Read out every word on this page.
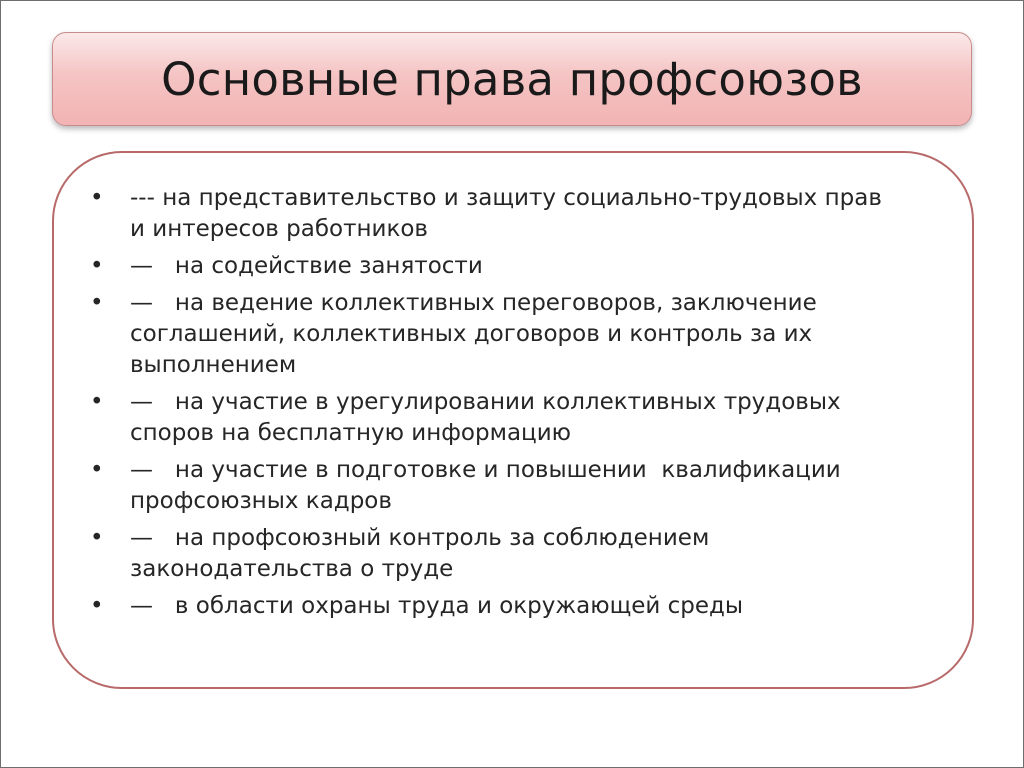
Основные права профсоюзов
• --- на представительство и защиту социально-трудовых прав
и интересов работников
• —   на содействие занятости
• —   на ведение коллективных переговоров, заключение
соглашений, коллективных договоров и контроль за их
выполнением
• —   на участие в урегулировании коллективных трудовых
споров на бесплатную информацию
• —   на участие в подготовке и повышении  квалификации
профсоюзных кадров
• —   на профсоюзный контроль за соблюдением
законодательства о труде
• —   в области охраны труда и окружающей среды
